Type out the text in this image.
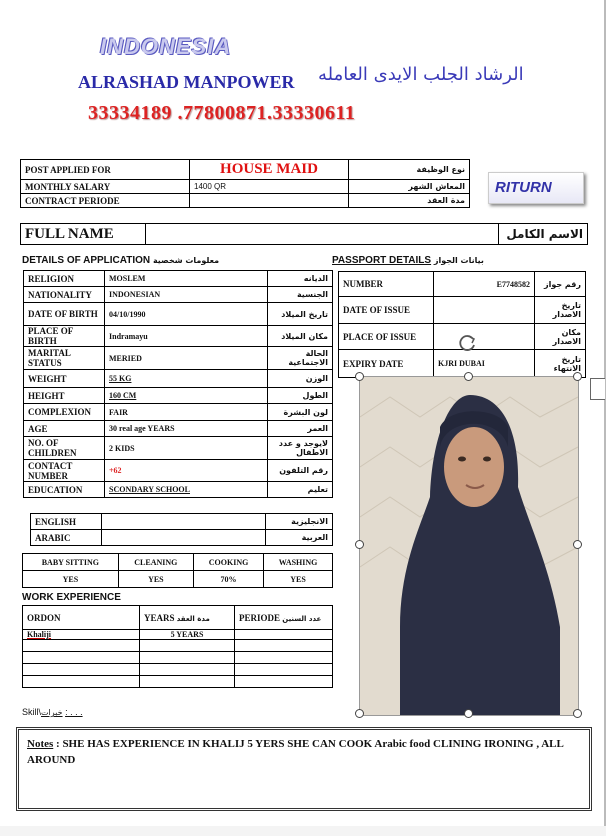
INDONESIA
ALRASHAD MANPOWER الرشاد الجلب الايدى العامله
33334189 .77800871.33330611
POST APPLIED FOR	HOUSE MAID	نوع الوظيفة
MONTHLY SALARY	1400 QR	المعاش الشهر
CONTRACT PERIODE		مدة العقد
RITURN
FULL NAME		الاسم الكامل
DETAILS OF APPLICATION معلومات شخصية	PASSPORT DETAILS بيانات الجواز
RELIGION	MOSLEM	الديانه
NATIONALITY	INDONESIAN	الجنسية
DATE OF BIRTH	04/10/1990	تاريخ الميلاد
PLACE OF BIRTH	Indramayu	مكان الميلاد
MARITAL STATUS	MERIED	الحالة الاجتماعية
WEIGHT	55 KG	الوزن
HEIGHT	160 CM	الطول
COMPLEXION	FAIR	لون البشرة
AGE	30 real age YEARS	العمر
NO. OF CHILDREN	2 KIDS	لايوجد و عدد الاطفال
CONTACT NUMBER	+62	رقم التلفون
EDUCATION	SCONDARY SCHOOL	تعليم
ENGLISH		الانجليزية
ARABIC		العربية
NUMBER	E7748582	رقم جواز
DATE OF ISSUE		تاريخ الاصدار
PLACE OF ISSUE		مكان الاصدار
EXPIRY DATE	KJRI DUBAI	تاريخ الانتهاء
BABY SITTING	CLEANING	COOKING	WASHING
YES	YES	70%	YES
WORK EXPERIENCE
ORDON	YEARS مدة العقد	PERIODE عدد السنين
Khaliji	5 YEARS	

Skill\خبرات : . . .
Notes : SHE HAS EXPERIENCE IN KHALIJ 5 YERS SHE CAN COOK Arabic food CLINING IRONING , ALL AROUND
